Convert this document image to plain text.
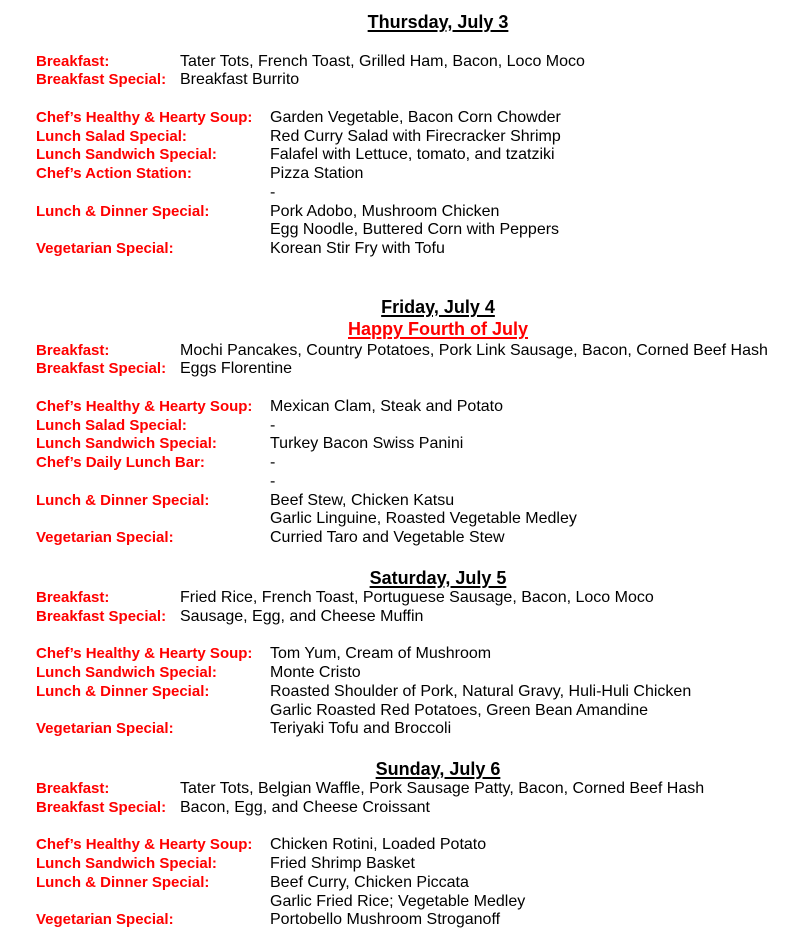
Thursday, July 3
Breakfast:	Tater Tots, French Toast, Grilled Ham, Bacon, Loco Moco
Breakfast Special: Breakfast Burrito
Chef’s Healthy & Hearty Soup:	Garden Vegetable, Bacon Corn Chowder
Lunch Salad Special:	Red Curry Salad with Firecracker Shrimp
Lunch Sandwich Special:	Falafel with Lettuce, tomato, and tzatziki
Chef’s Action Station:	Pizza Station
-
Lunch & Dinner Special:	Pork Adobo, Mushroom Chicken
Egg Noodle, Buttered Corn with Peppers
Vegetarian Special:	Korean Stir Fry with Tofu
Friday, July 4
Happy Fourth of July
Breakfast:	Mochi Pancakes, Country Potatoes, Pork Link Sausage, Bacon, Corned Beef Hash
Breakfast Special: Eggs Florentine
Chef’s Healthy & Hearty Soup:	Mexican Clam, Steak and Potato
Lunch Salad Special:	-
Lunch Sandwich Special:	Turkey Bacon Swiss Panini
Chef’s Daily Lunch Bar:	-
-
Lunch & Dinner Special:	Beef Stew, Chicken Katsu
Garlic Linguine, Roasted Vegetable Medley
Vegetarian Special:	Curried Taro and Vegetable Stew
Saturday, July 5
Breakfast:	Fried Rice, French Toast, Portuguese Sausage, Bacon, Loco Moco
Breakfast Special: Sausage, Egg, and Cheese Muffin
Chef’s Healthy & Hearty Soup:	Tom Yum, Cream of Mushroom
Lunch Sandwich Special:	Monte Cristo
Lunch & Dinner Special:	Roasted Shoulder of Pork, Natural Gravy, Huli-Huli Chicken
Garlic Roasted Red Potatoes, Green Bean Amandine
Vegetarian Special:	Teriyaki Tofu and Broccoli
Sunday, July 6
Breakfast:	Tater Tots, Belgian Waffle, Pork Sausage Patty, Bacon, Corned Beef Hash
Breakfast Special: Bacon, Egg, and Cheese Croissant
Chef’s Healthy & Hearty Soup:	Chicken Rotini, Loaded Potato
Lunch Sandwich Special:	Fried Shrimp Basket
Lunch & Dinner Special:	Beef Curry, Chicken Piccata
Garlic Fried Rice; Vegetable Medley
Vegetarian Special:	Portobello Mushroom Stroganoff
